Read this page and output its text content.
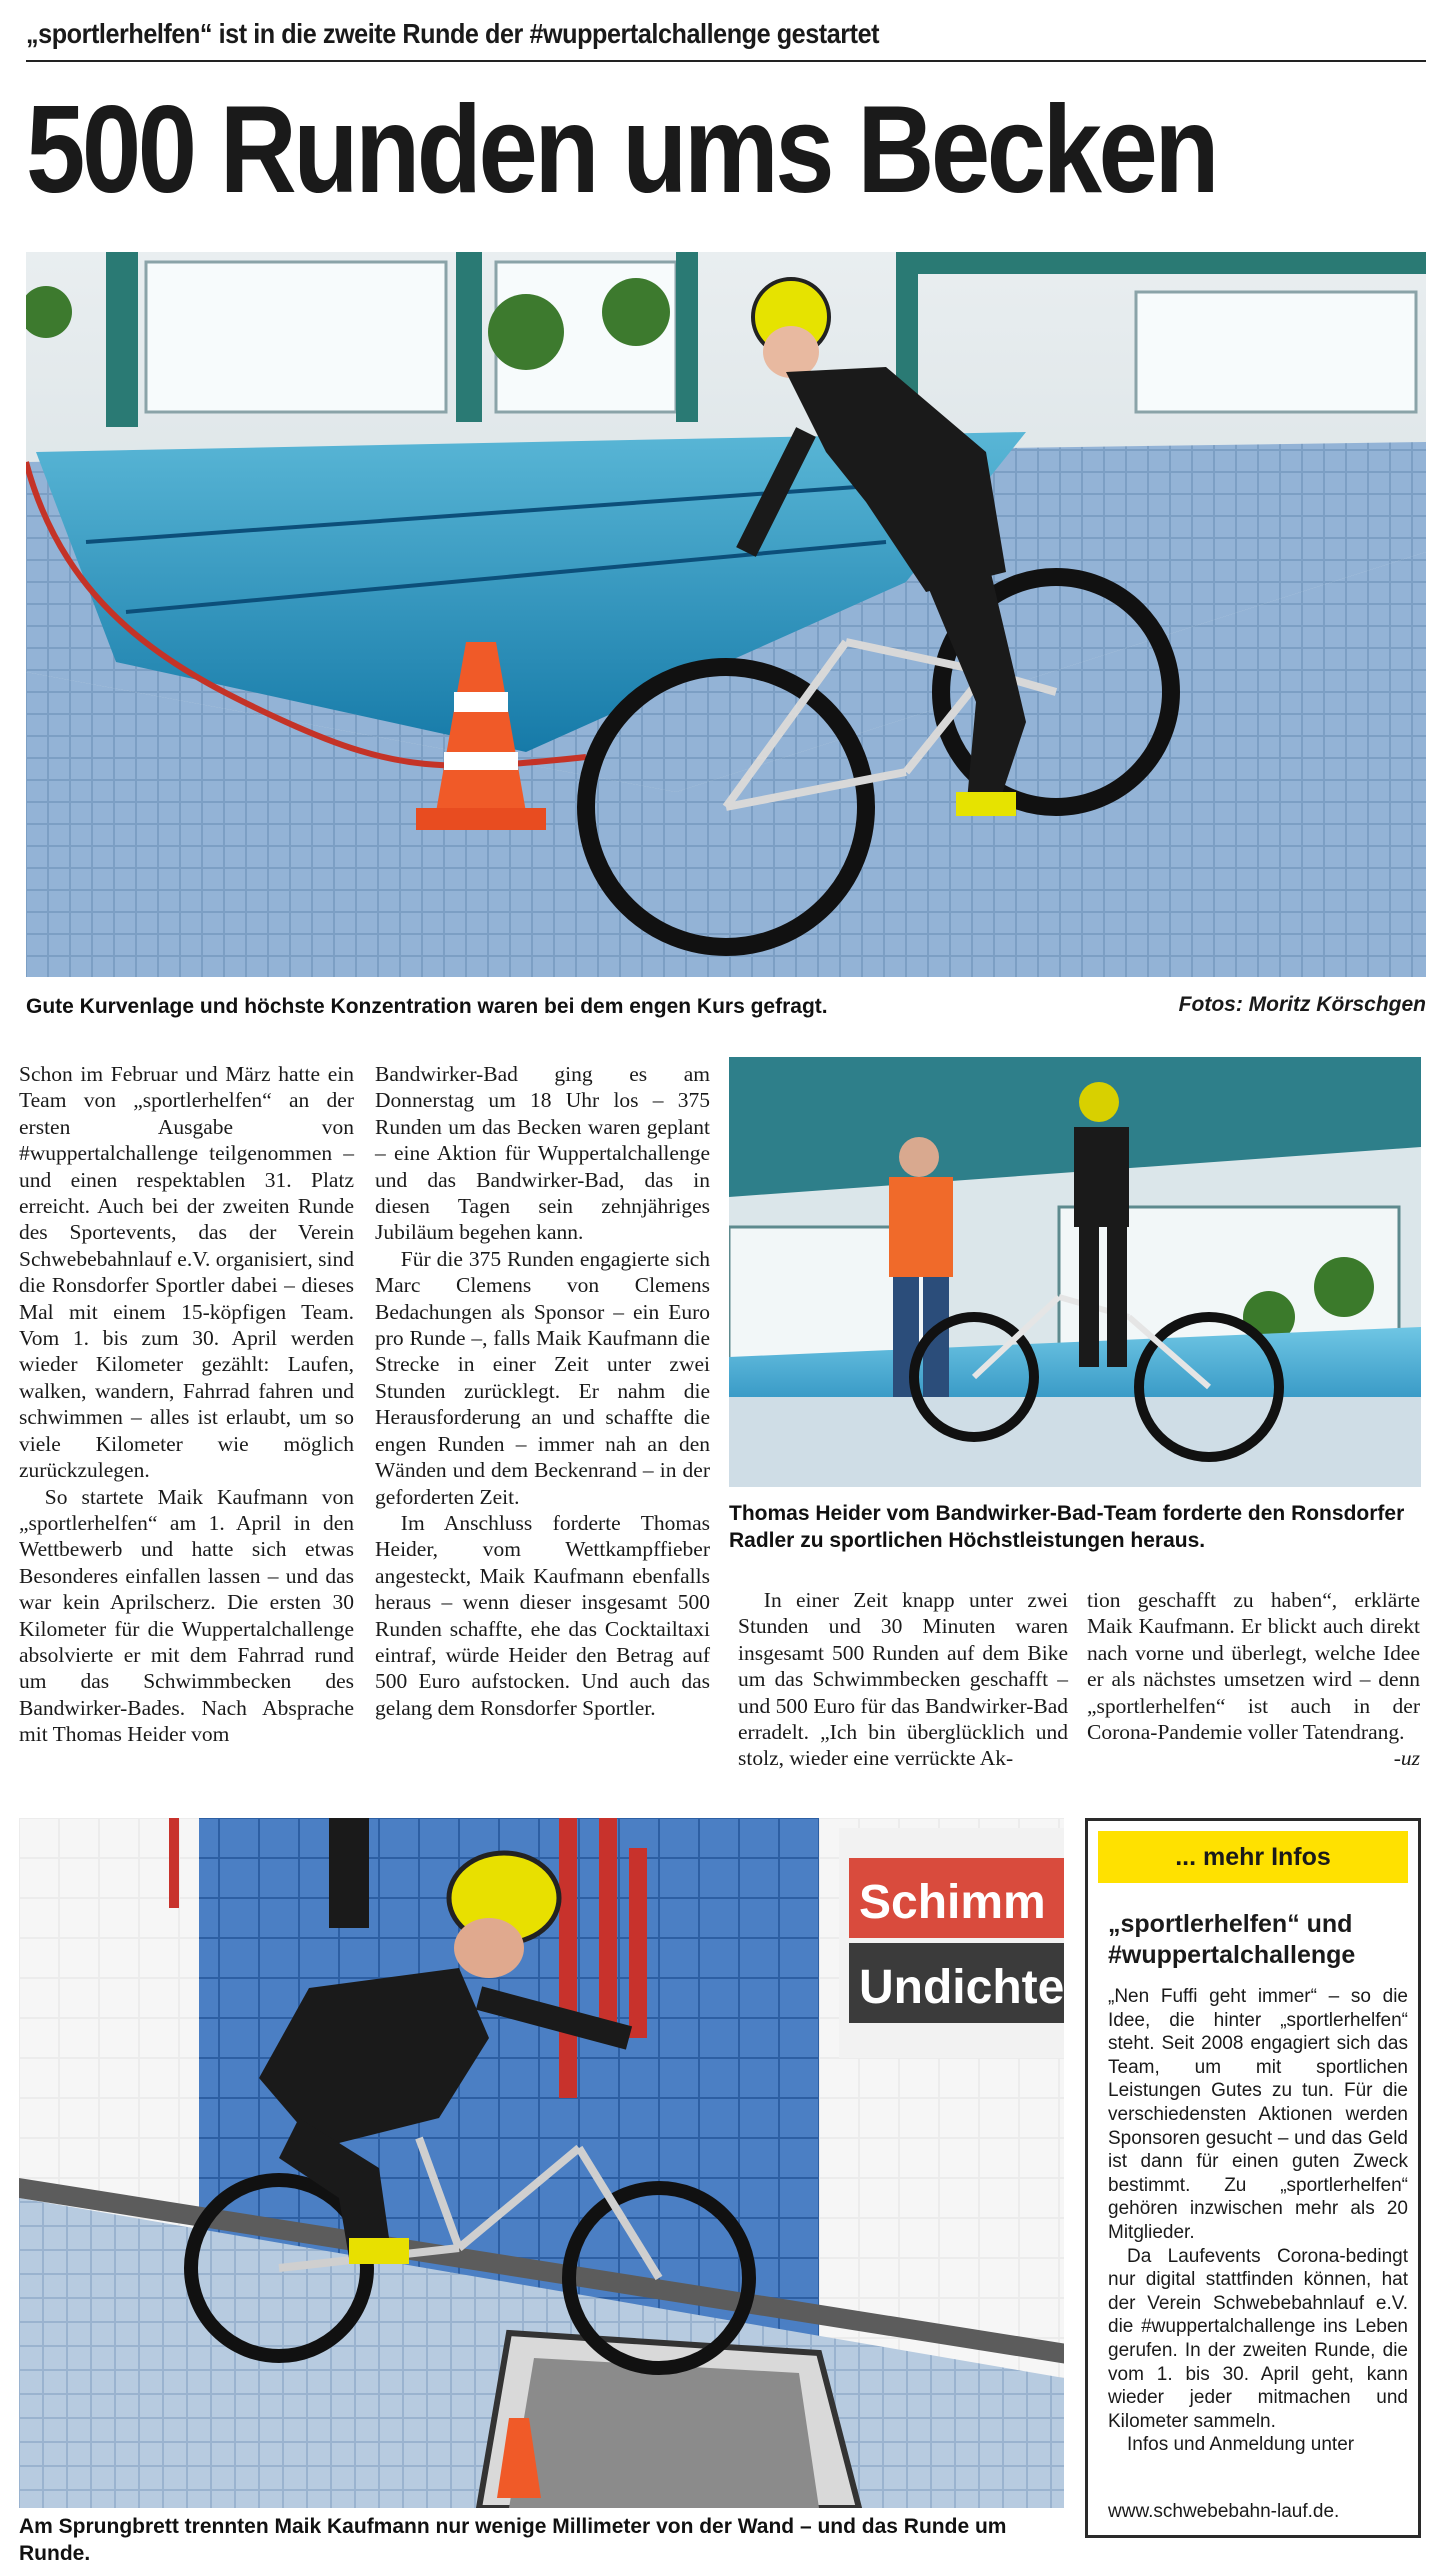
„sportlerhelfen“ ist in die zweite Runde der #wuppertalchallenge gestartet
500 Runden ums Becken
Gute Kurvenlage und höchste Konzentration waren bei dem engen Kurs gefragt.	Fotos: Moritz Körschgen

Schon im Februar und März hatte ein Team von „sportlerhelfen“ an der ersten Ausgabe von #wuppertalchallenge teilgenommen – und einen respektablen 31. Platz erreicht. Auch bei der zweiten Runde des Sportevents, das der Verein Schwebebahnlauf e.V. organisiert, sind die Ronsdorfer Sportler dabei – dieses Mal mit einem 15-köpfigen Team. Vom 1. bis zum 30. April werden wieder Kilometer gezählt: Laufen, walken, wandern, Fahrrad fahren und schwimmen – alles ist erlaubt, um so viele Kilometer wie möglich zurückzulegen.

So startete Maik Kaufmann von „sportlerhelfen“ am 1. April in den Wettbewerb und hatte sich etwas Besonderes einfallen lassen – und das war kein Aprilscherz. Die ersten 30 Kilometer für die Wuppertalchallenge absolvierte er mit dem Fahrrad rund um das Schwimmbecken des Bandwirker-Bades. Nach Absprache mit Thomas Heider vom

Bandwirker-Bad ging es am Donnerstag um 18 Uhr los – 375 Runden um das Becken waren geplant – eine Aktion für Wuppertalchallenge und das Bandwirker-Bad, das in diesen Tagen sein zehnjähriges Jubiläum begehen kann.

Für die 375 Runden engagierte sich Marc Clemens von Clemens Bedachungen als Sponsor – ein Euro pro Runde –, falls Maik Kaufmann die Strecke in einer Zeit unter zwei Stunden zurücklegt. Er nahm die Herausforderung an und schaffte die engen Runden – immer nah an den Wänden und dem Beckenrand – in der geforderten Zeit.

Im Anschluss forderte Thomas Heider, vom Wettkampffieber angesteckt, Maik Kaufmann ebenfalls heraus – wenn dieser insgesamt 500 Runden schaffte, ehe das Cocktailtaxi eintraf, würde Heider den Betrag auf 500 Euro aufstocken. Und auch das gelang dem Ronsdorfer Sportler.

Thomas Heider vom Bandwirker-Bad-Team forderte den Ronsdorfer Radler zu sportlichen Höchstleistungen heraus.

In einer Zeit knapp unter zwei Stunden und 30 Minuten waren insgesamt 500 Runden auf dem Bike um das Schwimmbecken geschafft – und 500 Euro für das Bandwirker-Bad erradelt. „Ich bin überglücklich und stolz, wieder eine verrückte Ak-

tion geschafft zu haben“, erklärte Maik Kaufmann. Er blickt auch direkt nach vorne und überlegt, welche Idee er als nächstes umsetzen wird – denn „sportlerhelfen“ ist auch in der Corona-Pandemie voller Tatendrang.

-uz
Schimm
Undichte
Am Sprungbrett trennten Maik Kaufmann nur wenige Millimeter von der Wand – und das Runde um Runde.
... mehr Infos
„sportlerhelfen“ und #wuppertalchallenge

„Nen Fuffi geht immer“ – so die Idee, die hinter „sportlerhelfen“ steht. Seit 2008 engagiert sich das Team, um mit sportlichen Leistungen Gutes zu tun. Für die verschiedensten Aktionen werden Sponsoren gesucht – und das Geld ist dann für einen guten Zweck bestimmt. Zu „sportlerhelfen“ gehören inzwischen mehr als 20 Mitglieder.

Da Laufevents Corona-bedingt nur digital stattfinden können, hat der Verein Schwebebahnlauf e.V. die #wuppertalchallenge ins Leben gerufen. In der zweiten Runde, die vom 1. bis 30. April geht, kann wieder jeder mitmachen und Kilometer sammeln.

Infos und Anmeldung unter

www.schwebebahn-lauf.de.
